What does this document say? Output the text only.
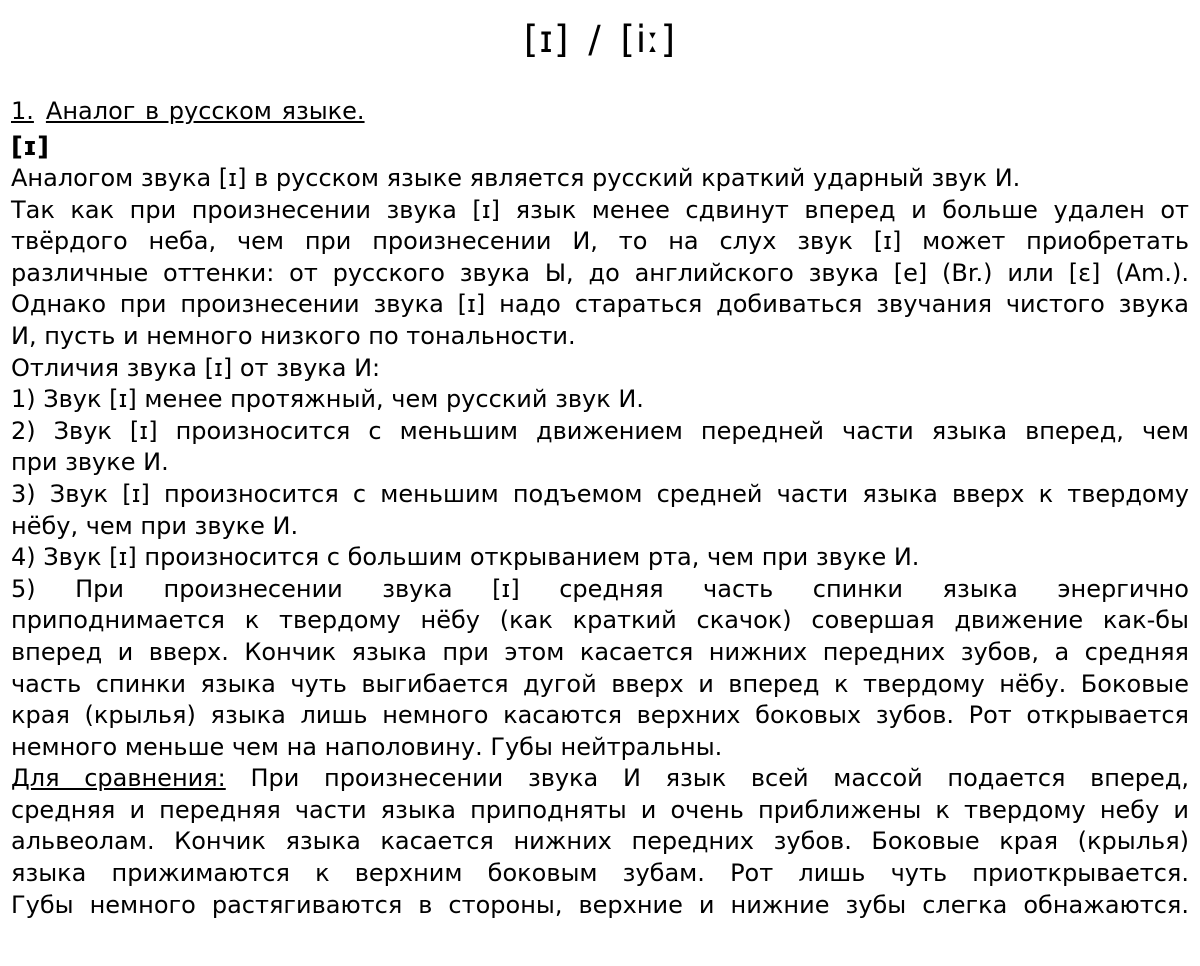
[ɪ] / [iː]
1. Аналог в русском языке.
[ɪ]
Аналогом звука [ɪ] в русском языке является русский краткий ударный звук И.
Так как при произнесении звука [ɪ] язык менее сдвинут вперед и больше удален от
твёрдого неба, чем при произнесении И, то на слух звук [ɪ] может приобретать
различные оттенки: от русского звука Ы, до английского звука [e] (Br.) или [ɛ] (Am.).
Однако при произнесении звука [ɪ] надо стараться добиваться звучания чистого звука
И, пусть и немного низкого по тональности.
Отличия звука [ɪ] от звука И:
1) Звук [ɪ] менее протяжный, чем русский звук И.
2) Звук [ɪ] произносится с меньшим движением передней части языка вперед, чем
при звуке И.
3) Звук [ɪ] произносится с меньшим подъемом средней части языка вверх к твердому
нёбу, чем при звуке И.
4) Звук [ɪ] произносится с большим открыванием рта, чем при звуке И.
5) При произнесении звука [ɪ] средняя часть спинки языка энергично
приподнимается к твердому нёбу (как краткий скачок) совершая движение как-бы
вперед и вверх. Кончик языка при этом касается нижних передних зубов, а средняя
часть спинки языка чуть выгибается дугой вверх и вперед к твердому нёбу. Боковые
края (крылья) языка лишь немного касаются верхних боковых зубов. Рот открывается
немного меньше чем на наполовину. Губы нейтральны.
Для сравнения: При произнесении звука И язык всей массой подается вперед,
средняя и передняя части языка приподняты и очень приближены к твердому небу и
альвеолам. Кончик языка касается нижних передних зубов. Боковые края (крылья)
языка прижимаются к верхним боковым зубам. Рот лишь чуть приоткрывается.
Губы немного растягиваются в стороны, верхние и нижние зубы слегка обнажаются.
